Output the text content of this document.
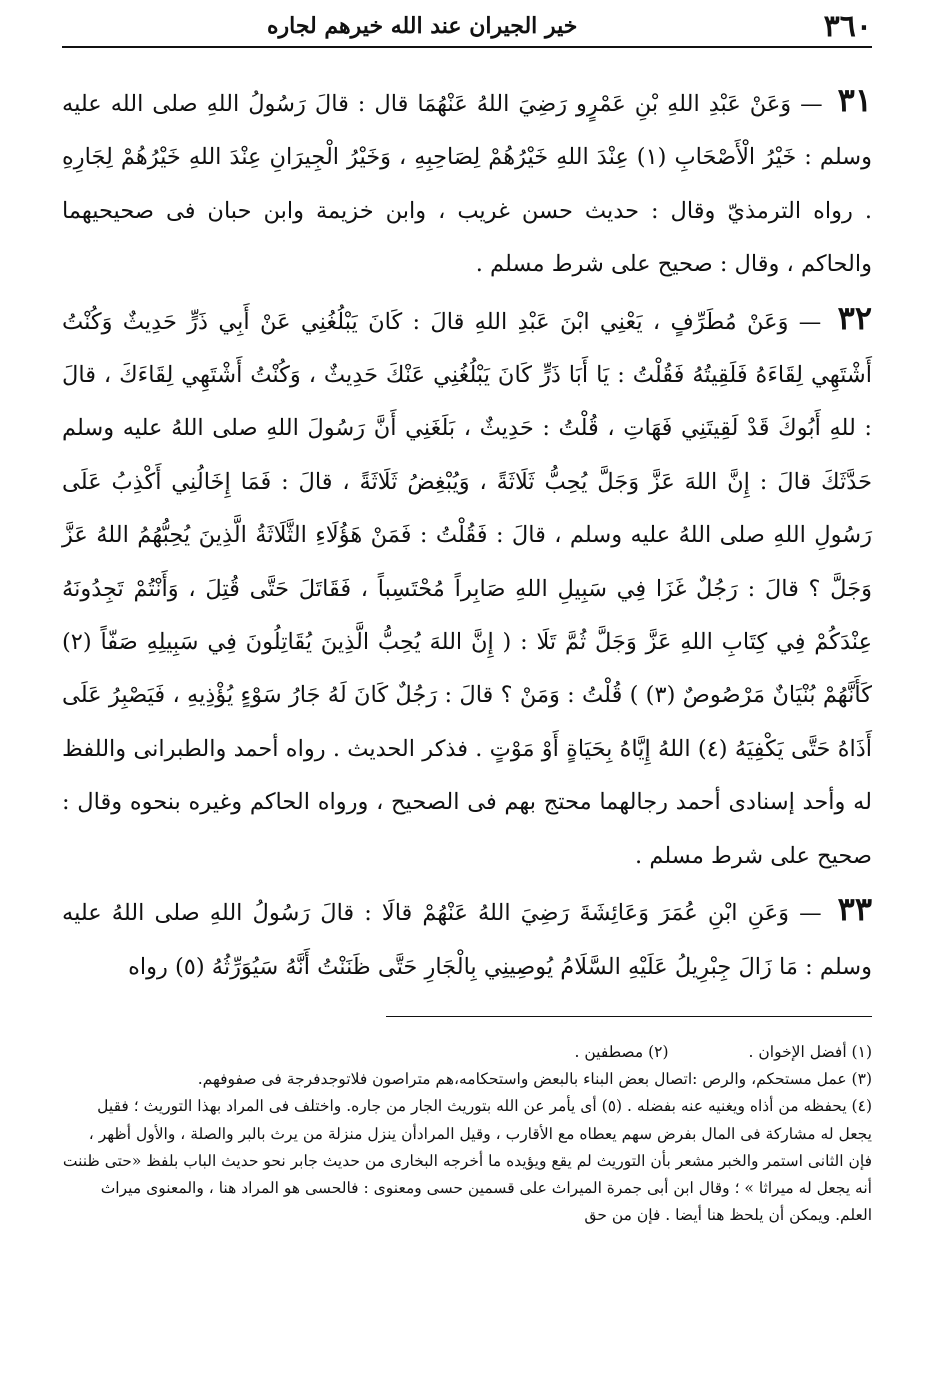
٣٦٠
خير الجيران عند الله خيرهم لجاره

٣١ — وَعَنْ عَبْدِ اللهِ بْنِ عَمْرٍو رَضِيَ اللهُ عَنْهُمَا قال : قالَ رَسُولُ اللهِ صلى الله عليه وسلم : خَيْرُ الْأَصْحَابِ (١) عِنْدَ اللهِ خَيْرُهُمْ لِصَاحِبِهِ ، وَخَيْرُ الْجِيرَانِ عِنْدَ اللهِ خَيْرُهُمْ لِجَارِهِ . رواه الترمذيّ وقال : حديث حسن غريب ، وابن خزيمة وابن حبان فى صحيحيهما والحاكم ، وقال : صحيح على شرط مسلم .

٣٢ — وَعَنْ مُطَرِّفٍ ، يَعْنِي ابْنَ عَبْدِ اللهِ قالَ : كَانَ يَبْلُغُنِي عَنْ أَبِي ذَرٍّ حَدِيثٌ وَكُنْتُ أَشْتَهِي لِقَاءَهُ فَلَقِيتُهُ فَقُلْتُ : يَا أَبَا ذَرٍّ كَانَ يَبْلُغُنِي عَنْكَ حَدِيثٌ ، وَكُنْتُ أَشْتَهِي لِقَاءَكَ ، قالَ : للهِ أَبُوكَ قَدْ لَقِيتَنِي فَهَاتِ ، قُلْتُ : حَدِيثٌ ، بَلَغَنِي أَنَّ رَسُولَ اللهِ صلى اللهُ عليه وسلم حَدَّثَكَ قالَ : إِنَّ اللهَ عَزَّ وَجَلَّ يُحِبُّ ثَلَاثَةً ، وَيُبْغِضُ ثَلَاثَةً ، قالَ : فَمَا إِخَالُنِي أَكْذِبُ عَلَى رَسُولِ اللهِ صلى اللهُ عليه وسلم ، قالَ : فَقُلْتُ : فَمَنْ هَؤُلَاءِ الثَّلَاثَةُ الَّذِينَ يُحِبُّهُمُ اللهُ عَزَّ وَجَلَّ ؟ قالَ : رَجُلٌ غَزَا فِي سَبِيلِ اللهِ صَابِراً مُحْتَسِباً ، فَقَاتَلَ حَتَّى قُتِلَ ، وَأَنْتُمْ تَجِدُونَهُ عِنْدَكُمْ فِي كِتَابِ اللهِ عَزَّ وَجَلَّ ثُمَّ تَلَا : ( إِنَّ اللهَ يُحِبُّ الَّذِينَ يُقَاتِلُونَ فِي سَبِيلِهِ صَفّاً (٢) كَأَنَّهُمْ بُنْيَانٌ مَرْصُوصٌ (٣) ) قُلْتُ : وَمَنْ ؟ قالَ : رَجُلٌ كَانَ لَهُ جَارُ سَوْءٍ يُؤْذِيهِ ، فَيَصْبِرُ عَلَى أَذَاهُ حَتَّى يَكْفِيَهُ (٤) اللهُ إِيَّاهُ بِحَيَاةٍ أَوْ مَوْتٍ . فذكر الحديث . رواه أحمد والطبرانى واللفظ له وأحد إسنادى أحمد رجالهما محتج بهم فى الصحيح ، ورواه الحاكم وغيره بنحوه وقال : صحيح على شرط مسلم .

٣٣ — وَعَنِ ابْنِ عُمَرَ وَعَائِشَةَ رَضِيَ اللهُ عَنْهُمْ قالَا : قالَ رَسُولُ اللهِ صلى اللهُ عليه وسلم : مَا زَالَ جِبْرِيلُ عَلَيْهِ السَّلَامُ يُوصِينِي بِالْجَارِ حَتَّى ظَنَنْتُ أَنَّهُ سَيُوَرِّثُهُ (٥) رواه

(١) أفضل الإخوان .
(٢) مصطفين .

(٣) عمل مستحكم، والرص :اتصال بعض البناء بالبعض واستحكامه،هم متراصون فلاتوجدفرجة فى صفوفهم.

(٤) يحفظه من أذاه ويغنيه عنه بفضله . (٥) أى يأمر عن الله بتوريث الجار من جاره. واختلف فى المراد بهذا التوريث ؛ فقيل يجعل له مشاركة فى المال بفرض سهم يعطاه مع الأقارب ، وقيل المرادأن ينزل منزلة من يرث بالبر والصلة ، والأول أظهر ، فإن الثانى استمر والخبر مشعر بأن التوريث لم يقع ويؤيده ما أخرجه البخارى من حديث جابر نحو حديث الباب بلفظ «حتى ظننت أنه يجعل له ميراثا » ؛ وقال ابن أبى جمرة الميراث على قسمين حسى ومعنوى : فالحسى هو المراد هنا ، والمعنوى ميراث العلم. ويمكن أن يلحظ هنا أيضا . فإن من حق
